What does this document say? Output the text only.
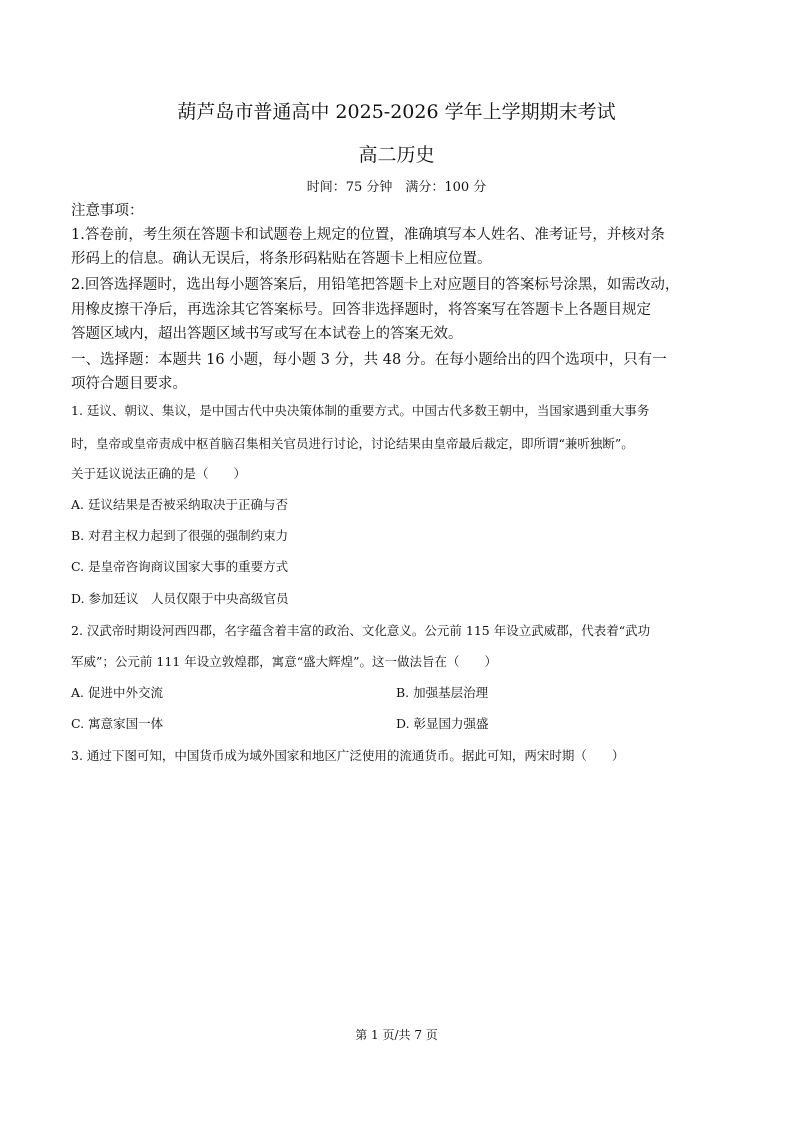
葫芦岛市普通高中 2025-2026 学年上学期期末考试
高二历史
时间：75 分钟　满分：100 分
注意事项：
1.答卷前，考生须在答题卡和试题卷上规定的位置，准确填写本人姓名、准考证号，并核对条
形码上的信息。确认无误后，将条形码粘贴在答题卡上相应位置。
2.回答选择题时，选出每小题答案后，用铅笔把答题卡上对应题目的答案标号涂黑，如需改动，
用橡皮擦干净后，再选涂其它答案标号。回答非选择题时，将答案写在答题卡上各题目规定
答题区域内，超出答题区域书写或写在本试卷上的答案无效。
一、选择题：本题共 16 小题，每小题 3 分，共 48 分。在每小题给出的四个选项中，只有一
项符合题目要求。
1. 廷议、朝议、集议，是中国古代中央决策体制的重要方式。中国古代多数王朝中，当国家遇到重大事务
时，皇帝或皇帝责成中枢首脑召集相关官员进行讨论，讨论结果由皇帝最后裁定，即所谓“兼听独断”。
关于廷议说法正确的是（　　）
A. 廷议结果是否被采纳取决于正确与否
B. 对君主权力起到了很强的强制约束力
C. 是皇帝咨询商议国家大事的重要方式
D. 参加廷议　人员仅限于中央高级官员
2. 汉武帝时期设河西四郡，名字蕴含着丰富的政治、文化意义。公元前 115 年设立武威郡，代表着“武功
军威”；公元前 111 年设立敦煌郡，寓意“盛大辉煌”。这一做法旨在（　　）
A. 促进中外交流	B. 加强基层治理
C. 寓意家国一体	D. 彰显国力强盛
3. 通过下图可知，中国货币成为域外国家和地区广泛使用的流通货币。据此可知，两宋时期（　　）
第 1 页/共 7 页
